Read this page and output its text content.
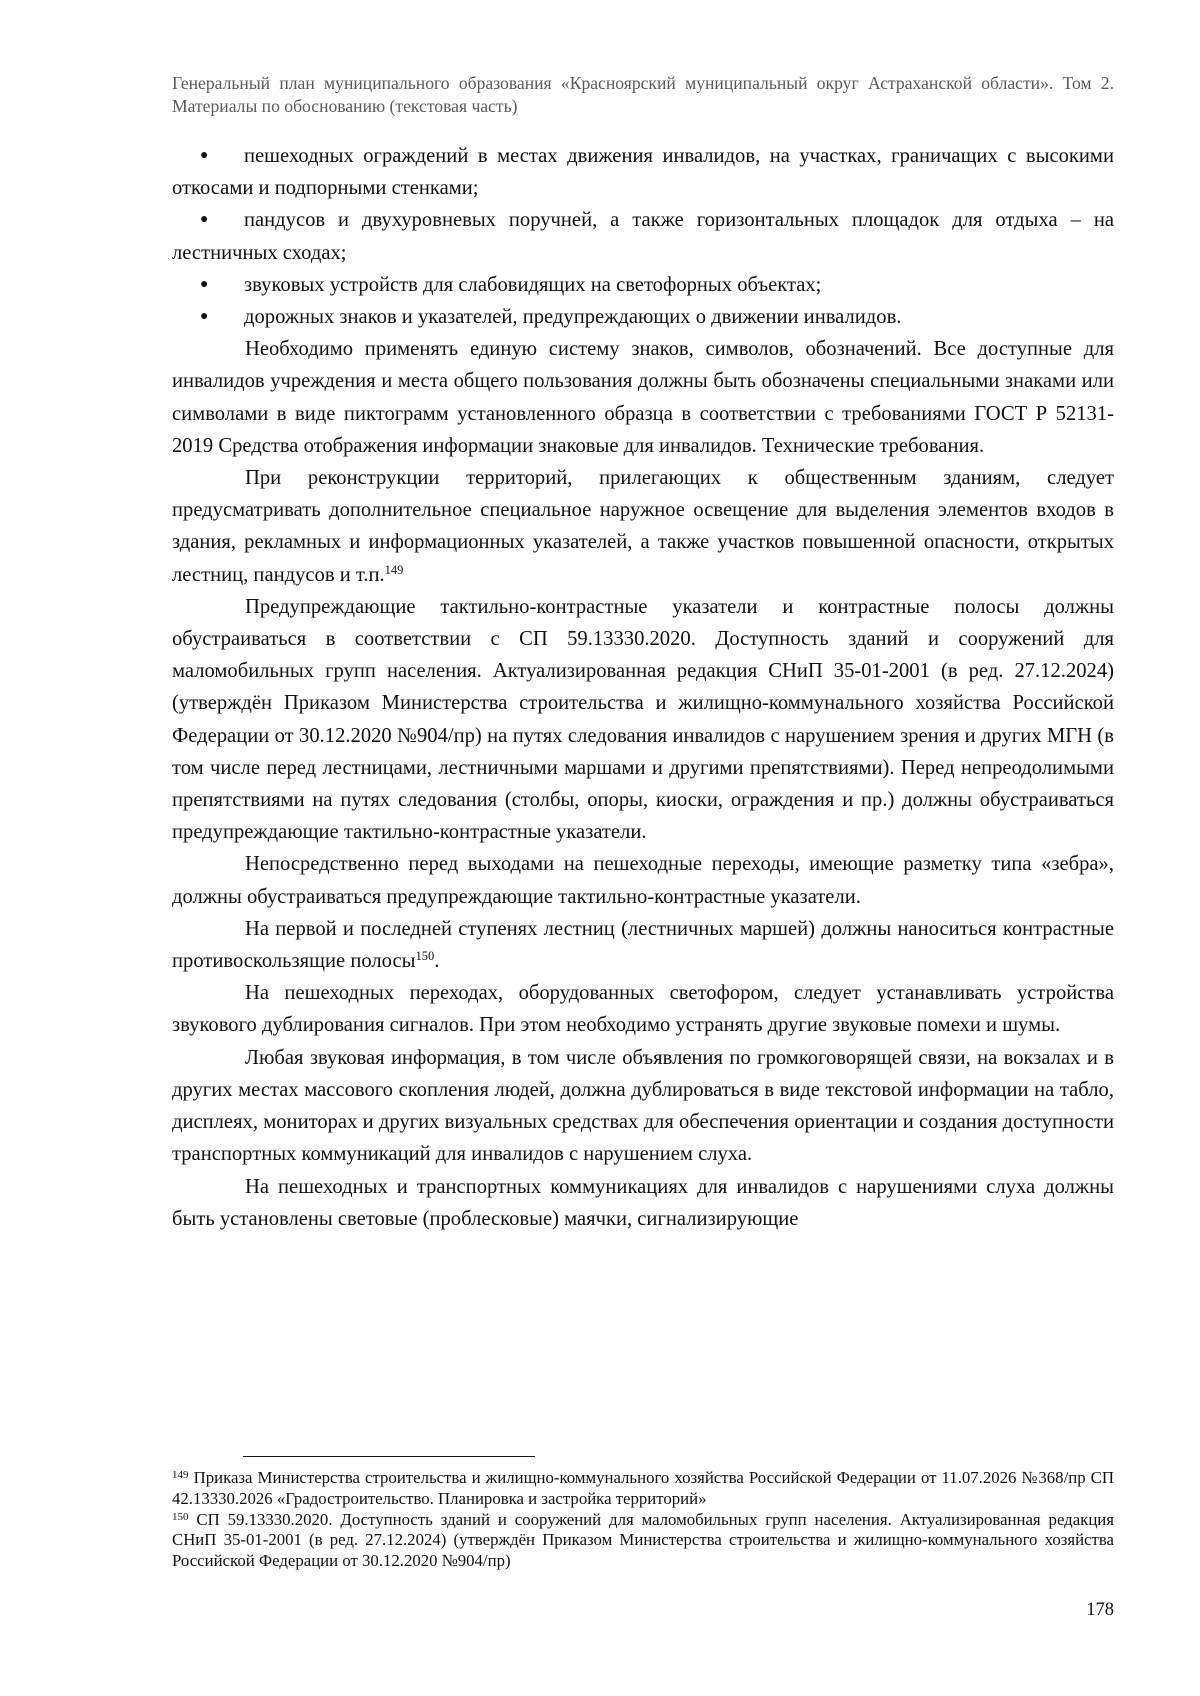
Генеральный план муниципального образования «Красноярский муниципальный округ Астраханской области». Том 2. Материалы по обоснованию (текстовая часть)
● пешеходных ограждений в местах движения инвалидов, на участках, граничащих с высокими откосами и подпорными стенками;
● пандусов и двухуровневых поручней, а также горизонтальных площадок для отдыха – на лестничных сходах;
● звуковых устройств для слабовидящих на светофорных объектах;
● дорожных знаков и указателей, предупреждающих о движении инвалидов.

Необходимо применять единую систему знаков, символов, обозначений. Все доступные для инвалидов учреждения и места общего пользования должны быть обозначены специальными знаками или символами в виде пиктограмм установленного образца в соответствии с требованиями ГОСТ Р 52131-2019 Средства отображения информации знаковые для инвалидов. Технические требования.

При реконструкции территорий, прилегающих к общественным зданиям, следует предусматривать дополнительное специальное наружное освещение для выделения элементов входов в здания, рекламных и информационных указателей, а также участков повышенной опасности, открытых лестниц, пандусов и т.п.$^{149}$

Предупреждающие тактильно-контрастные указатели и контрастные полосы должны обустраиваться в соответствии с СП 59.13330.2020. Доступность зданий и сооружений для маломобильных групп населения. Актуализированная редакция СНиП 35-01-2001 (в ред. 27.12.2024) (утверждён Приказом Министерства строительства и жилищно-коммунального хозяйства Российской Федерации от 30.12.2020 №904/пр) на путях следования инвалидов с нарушением зрения и других МГН (в том числе перед лестницами, лестничными маршами и другими препятствиями). Перед непреодолимыми препятствиями на путях следования (столбы, опоры, киоски, ограждения и пр.) должны обустраиваться предупреждающие тактильно-контрастные указатели.

Непосредственно перед выходами на пешеходные переходы, имеющие разметку типа «зебра», должны обустраиваться предупреждающие тактильно-контрастные указатели.

На первой и последней ступенях лестниц (лестничных маршей) должны наноситься контрастные противоскользящие полосы$^{150}$.

На пешеходных переходах, оборудованных светофором, следует устанавливать устройства звукового дублирования сигналов. При этом необходимо устранять другие звуковые помехи и шумы.

Любая звуковая информация, в том числе объявления по громкоговорящей связи, на вокзалах и в других местах массового скопления людей, должна дублироваться в виде текстовой информации на табло, дисплеях, мониторах и других визуальных средствах для обеспечения ориентации и создания доступности транспортных коммуникаций для инвалидов с нарушением слуха.

На пешеходных и транспортных коммуникациях для инвалидов с нарушениями слуха должны быть установлены световые (проблесковые) маячки, сигнализирующие

$^{149}$ Приказа Министерства строительства и жилищно-коммунального хозяйства Российской Федерации от 11.07.2026 №368/пр СП 42.13330.2026 «Градостроительство. Планировка и застройка территорий»

$^{150}$ СП 59.13330.2020. Доступность зданий и сооружений для маломобильных групп населения. Актуализированная редакция СНиП 35-01-2001 (в ред. 27.12.2024) (утверждён Приказом Министерства строительства и жилищно-коммунального хозяйства Российской Федерации от 30.12.2020 №904/пр)

178
